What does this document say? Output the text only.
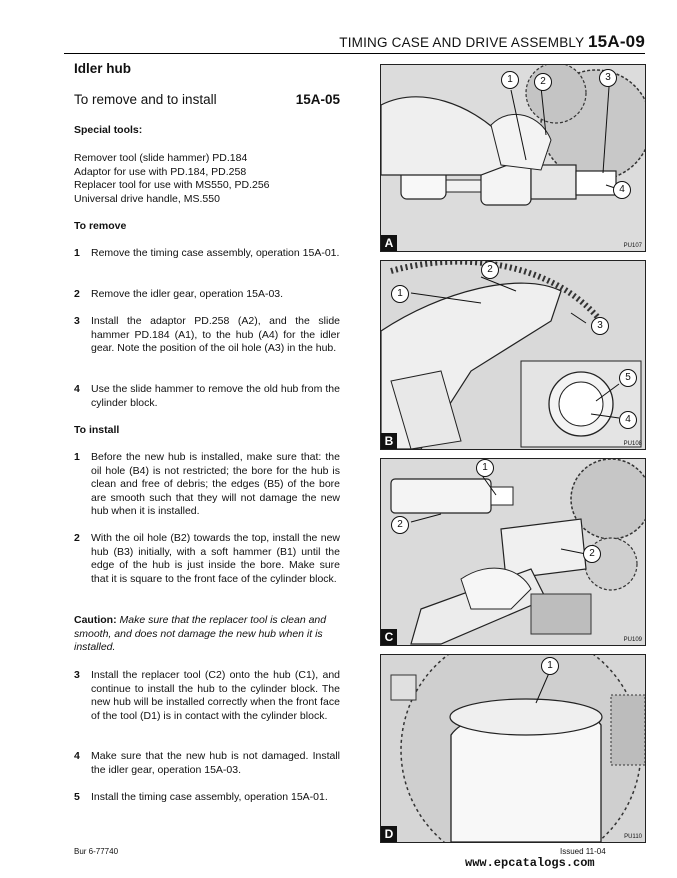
TIMING CASE AND DRIVE ASSEMBLY 15A-09
Idler hub
To remove and to install	15A-05
Special tools:
Remover tool (slide hammer) PD.184
Adaptor for use with PD.184, PD.258
Replacer tool for use with MS550, PD.256
Universal drive handle, MS.550
To remove
1	Remove the timing case assembly, operation 15A-01.
2	Remove the idler gear, operation 15A-03.
3	Install the adaptor PD.258 (A2), and the slide hammer PD.184 (A1), to the hub (A4) for the idler gear. Note the position of the oil hole (A3) in the hub.
4	Use the slide hammer to remove the old hub from the cylinder block.
To install
1	Before the new hub is installed, make sure that: the oil hole (B4) is not restricted; the bore for the hub is clean and free of debris; the edges (B5) of the bore are smooth such that they will not damage the new hub when it is installed.
2	With the oil hole (B2) towards the top, install the new hub (B3) initially, with a soft hammer (B1) until the edge of the hub is just inside the bore. Make sure that it is square to the front face of the cylinder block.
Caution: Make sure that the replacer tool is clean and smooth, and does not damage the new hub when it is installed.
3	Install the replacer tool (C2) onto the hub (C1), and continue to install the hub to the cylinder block. The new hub will be installed correctly when the front face of the tool (D1) is in contact with the cylinder block.
4	Make sure that the new hub is not damaged. Install the idler gear, operation 15A-03.
5	Install the timing case assembly, operation 15A-01.
1	2	3
4
A	PU107
1
2
3
5
4
B	PU108
1
2
2
C	PU109
1
D	PU110
Bur 6-77740	Issued 11-04
www.epcatalogs.com
